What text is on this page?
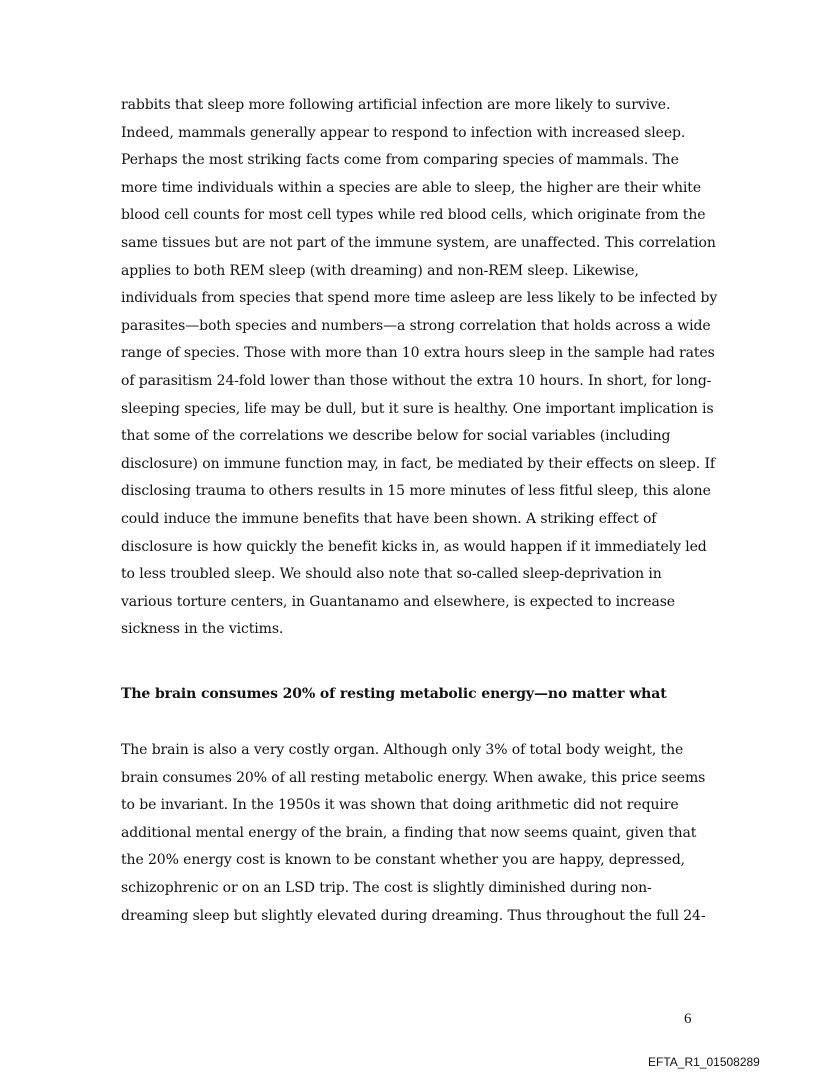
rabbits that sleep more following artificial infection are more likely to survive.
Indeed, mammals generally appear to respond to infection with increased sleep.
Perhaps the most striking facts come from comparing species of mammals. The
more time individuals within a species are able to sleep, the higher are their white
blood cell counts for most cell types while red blood cells, which originate from the
same tissues but are not part of the immune system, are unaffected. This correlation
applies to both REM sleep (with dreaming) and non-REM sleep. Likewise,
individuals from species that spend more time asleep are less likely to be infected by
parasites—both species and numbers—a strong correlation that holds across a wide
range of species. Those with more than 10 extra hours sleep in the sample had rates
of parasitism 24-fold lower than those without the extra 10 hours. In short, for long-
sleeping species, life may be dull, but it sure is healthy. One important implication is
that some of the correlations we describe below for social variables (including
disclosure) on immune function may, in fact, be mediated by their effects on sleep. If
disclosing trauma to others results in 15 more minutes of less fitful sleep, this alone
could induce the immune benefits that have been shown. A striking effect of
disclosure is how quickly the benefit kicks in, as would happen if it immediately led
to less troubled sleep. We should also note that so-called sleep-deprivation in
various torture centers, in Guantanamo and elsewhere, is expected to increase
sickness in the victims.
The brain consumes 20% of resting metabolic energy—no matter what
The brain is also a very costly organ. Although only 3% of total body weight, the
brain consumes 20% of all resting metabolic energy. When awake, this price seems
to be invariant. In the 1950s it was shown that doing arithmetic did not require
additional mental energy of the brain, a finding that now seems quaint, given that
the 20% energy cost is known to be constant whether you are happy, depressed,
schizophrenic or on an LSD trip. The cost is slightly diminished during non-
dreaming sleep but slightly elevated during dreaming. Thus throughout the full 24-
6
EFTA_R1_01508289
